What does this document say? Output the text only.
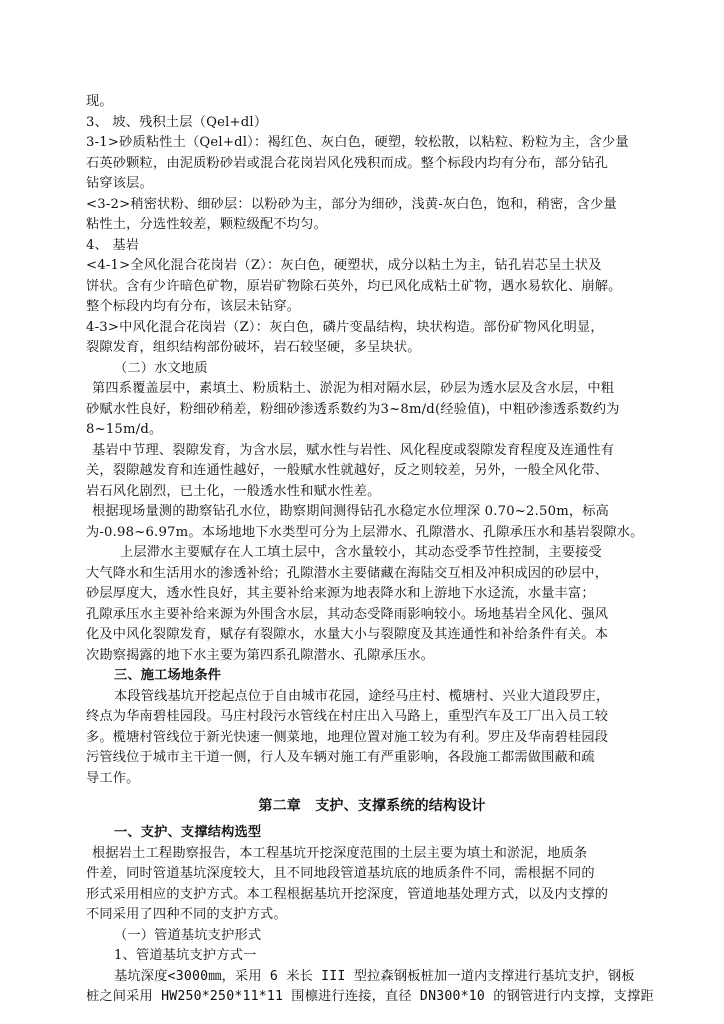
现。
3、 坡、残积土层（Qel+dl）
3-1>砂质粘性土（Qel+dl）：褐红色、灰白色，硬塑，较松散，以粘粒、粉粒为主，含少量
石英砂颗粒，由泥质粉砂岩或混合花岗岩风化残积而成。整个标段内均有分布，部分钻孔
钻穿该层。
<3-2>稍密状粉、细砂层：以粉砂为主，部分为细砂，浅黄-灰白色，饱和，稍密，含少量
粘性土，分选性较差，颗粒级配不均匀。
4、 基岩
<4-1>全风化混合花岗岩（Z）：灰白色，硬塑状，成分以粘土为主，钻孔岩芯呈土状及
饼状。含有少许暗色矿物，原岩矿物除石英外，均已风化成粘土矿物，遇水易软化、崩解。
整个标段内均有分布，该层未钻穿。
4-3>中风化混合花岗岩（Z）：灰白色，磷片变晶结构，块状构造。部份矿物风化明显，
裂隙发育，组织结构部份破坏，岩石较坚硬，多呈块状。
（二）水文地质
第四系覆盖层中，素填土、粉质粘土、淤泥为相对隔水层，砂层为透水层及含水层，中粗
砂赋水性良好，粉细砂稍差，粉细砂渗透系数约为3~8m/d(经验值)，中粗砂渗透系数约为
8~15m/d。
基岩中节理、裂隙发育，为含水层，赋水性与岩性、风化程度或裂隙发育程度及连通性有
关，裂隙越发育和连通性越好，一般赋水性就越好，反之则较差，另外，一般全风化带、
岩石风化剧烈，已土化，一般透水性和赋水性差。
根据现场量测的勘察钻孔水位，勘察期间测得钻孔水稳定水位埋深 0.70~2.50m，标高
为-0.98~6.97m。本场地地下水类型可分为上层滞水、孔隙潜水、孔隙承压水和基岩裂隙水。
上层滞水主要赋存在人工填土层中，含水量较小，其动态受季节性控制，主要接受
大气降水和生活用水的渗透补给；孔隙潜水主要储藏在海陆交互相及冲积成因的砂层中，
砂层厚度大，透水性良好，其主要补给来源为地表降水和上游地下水迳流，水量丰富；
孔隙承压水主要补给来源为外围含水层，其动态受降雨影响较小。场地基岩全风化、强风
化及中风化裂隙发育，赋存有裂隙水，水量大小与裂隙度及其连通性和补给条件有关。本
次勘察揭露的地下水主要为第四系孔隙潜水、孔隙承压水。
三、施工场地条件
本段管线基坑开挖起点位于自由城市花园，途经马庄村、榄塘村、兴业大道段罗庄，
终点为华南碧桂园段。马庄村段污水管线在村庄出入马路上，重型汽车及工厂出入员工较
多。榄塘村管线位于新光快速一侧菜地，地理位置对施工较为有利。罗庄及华南碧桂园段
污管线位于城市主干道一侧，行人及车辆对施工有严重影响，各段施工都需做围蔽和疏
导工作。
第二章　支护、支撑系统的结构设计
一、支护、支撑结构选型
根据岩土工程勘察报告，本工程基坑开挖深度范围的土层主要为填土和淤泥，地质条
件差，同时管道基坑深度较大，且不同地段管道基坑底的地质条件不同，需根据不同的
形式采用相应的支护方式。本工程根据基坑开挖深度，管道地基处理方式，以及内支撑的
不同采用了四种不同的支护方式。
（一）管道基坑支护形式
1、管道基坑支护方式一
基坑深度<3000㎜，采用 6 米长 III 型拉森钢板桩加一道内支撑进行基坑支护，钢板
桩之间采用 HW250*250*11*11 围檩进行连接，直径 DN300*10 的钢管进行内支撑，支撑距
